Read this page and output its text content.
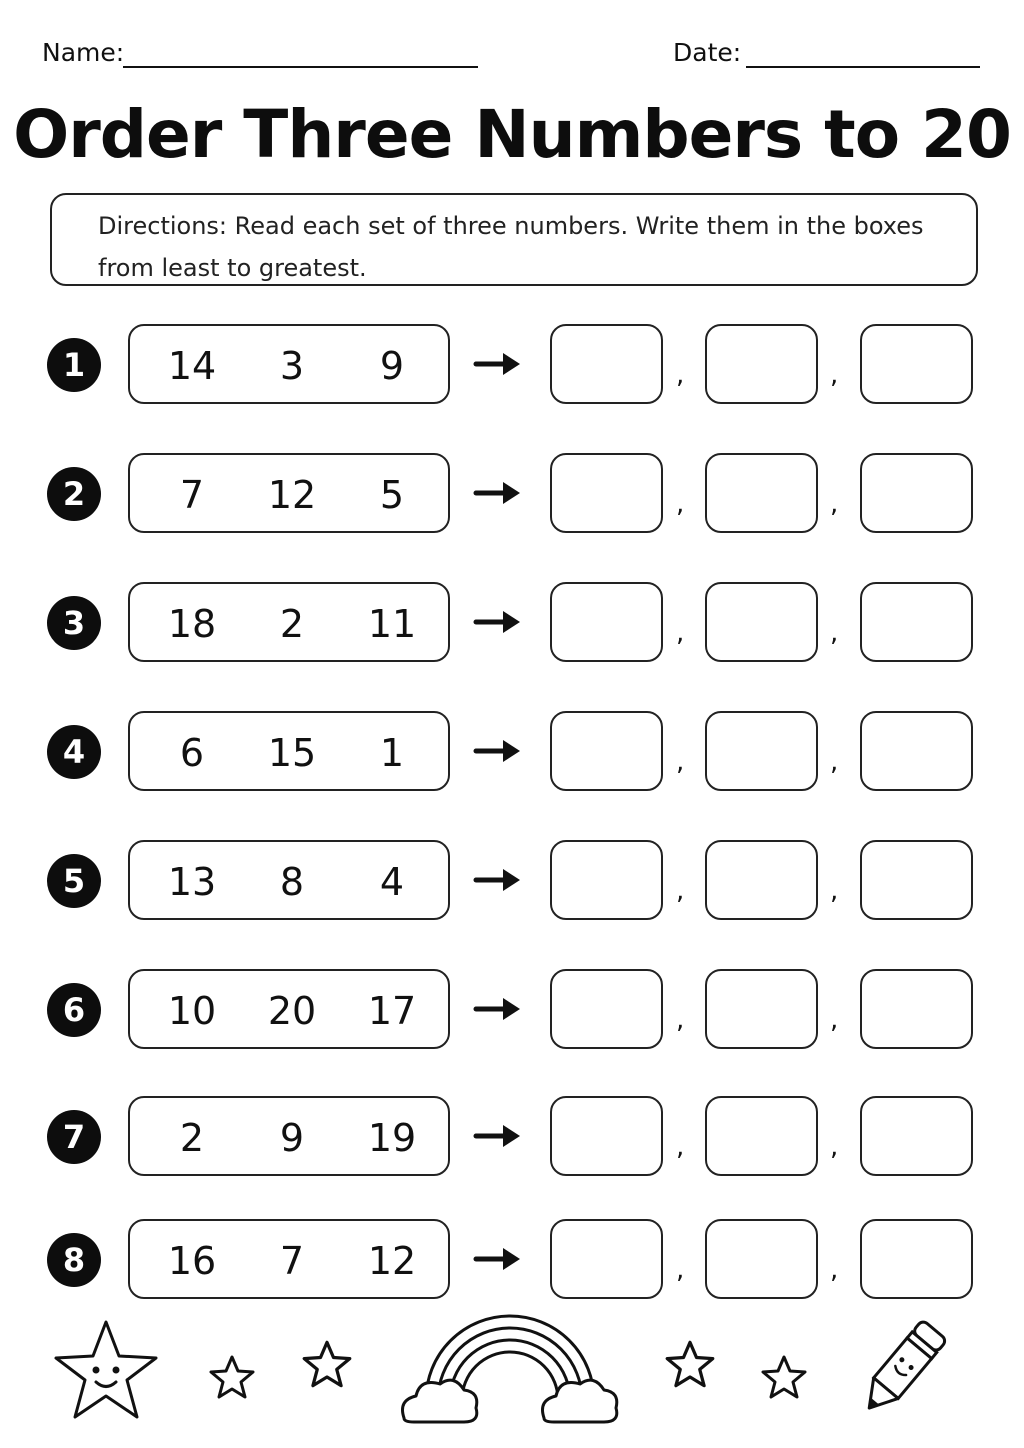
Name:	Date:
Order Three Numbers to 20
Directions: Read each set of three numbers. Write them in the boxes from least to greatest.
1	14	3	9	,	,
2	7	12	5	,	,
3	18	2	11	,	,
4	6	15	1	,	,
5	13	8	4	,	,
6	10	20	17	,	,
7	2	9	19	,	,
8	16	7	12	,	,
